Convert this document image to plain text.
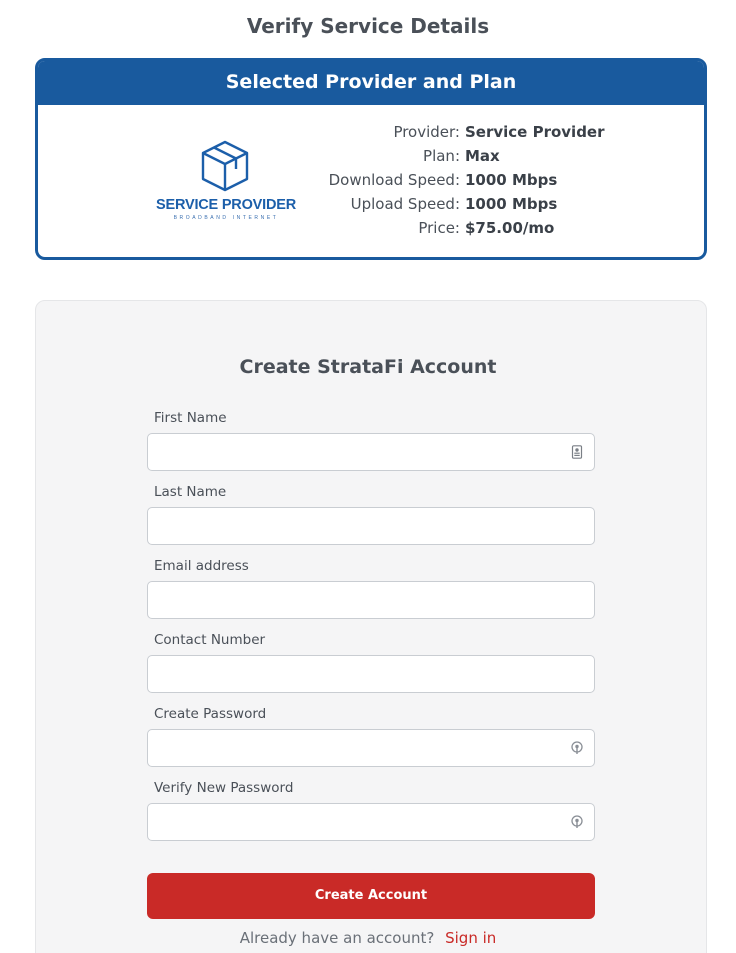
Verify Service Details
Selected Provider and Plan
SERVICE PROVIDER
BROADBAND INTERNET
Provider: Service Provider
Plan: Max
Download Speed: 1000 Mbps
Upload Speed: 1000 Mbps
Price: $75.00/mo
Create StrataFi Account
First Name
Last Name
Email address
Contact Number
Create Password
Verify New Password
Create Account
Already have an account? Sign in
